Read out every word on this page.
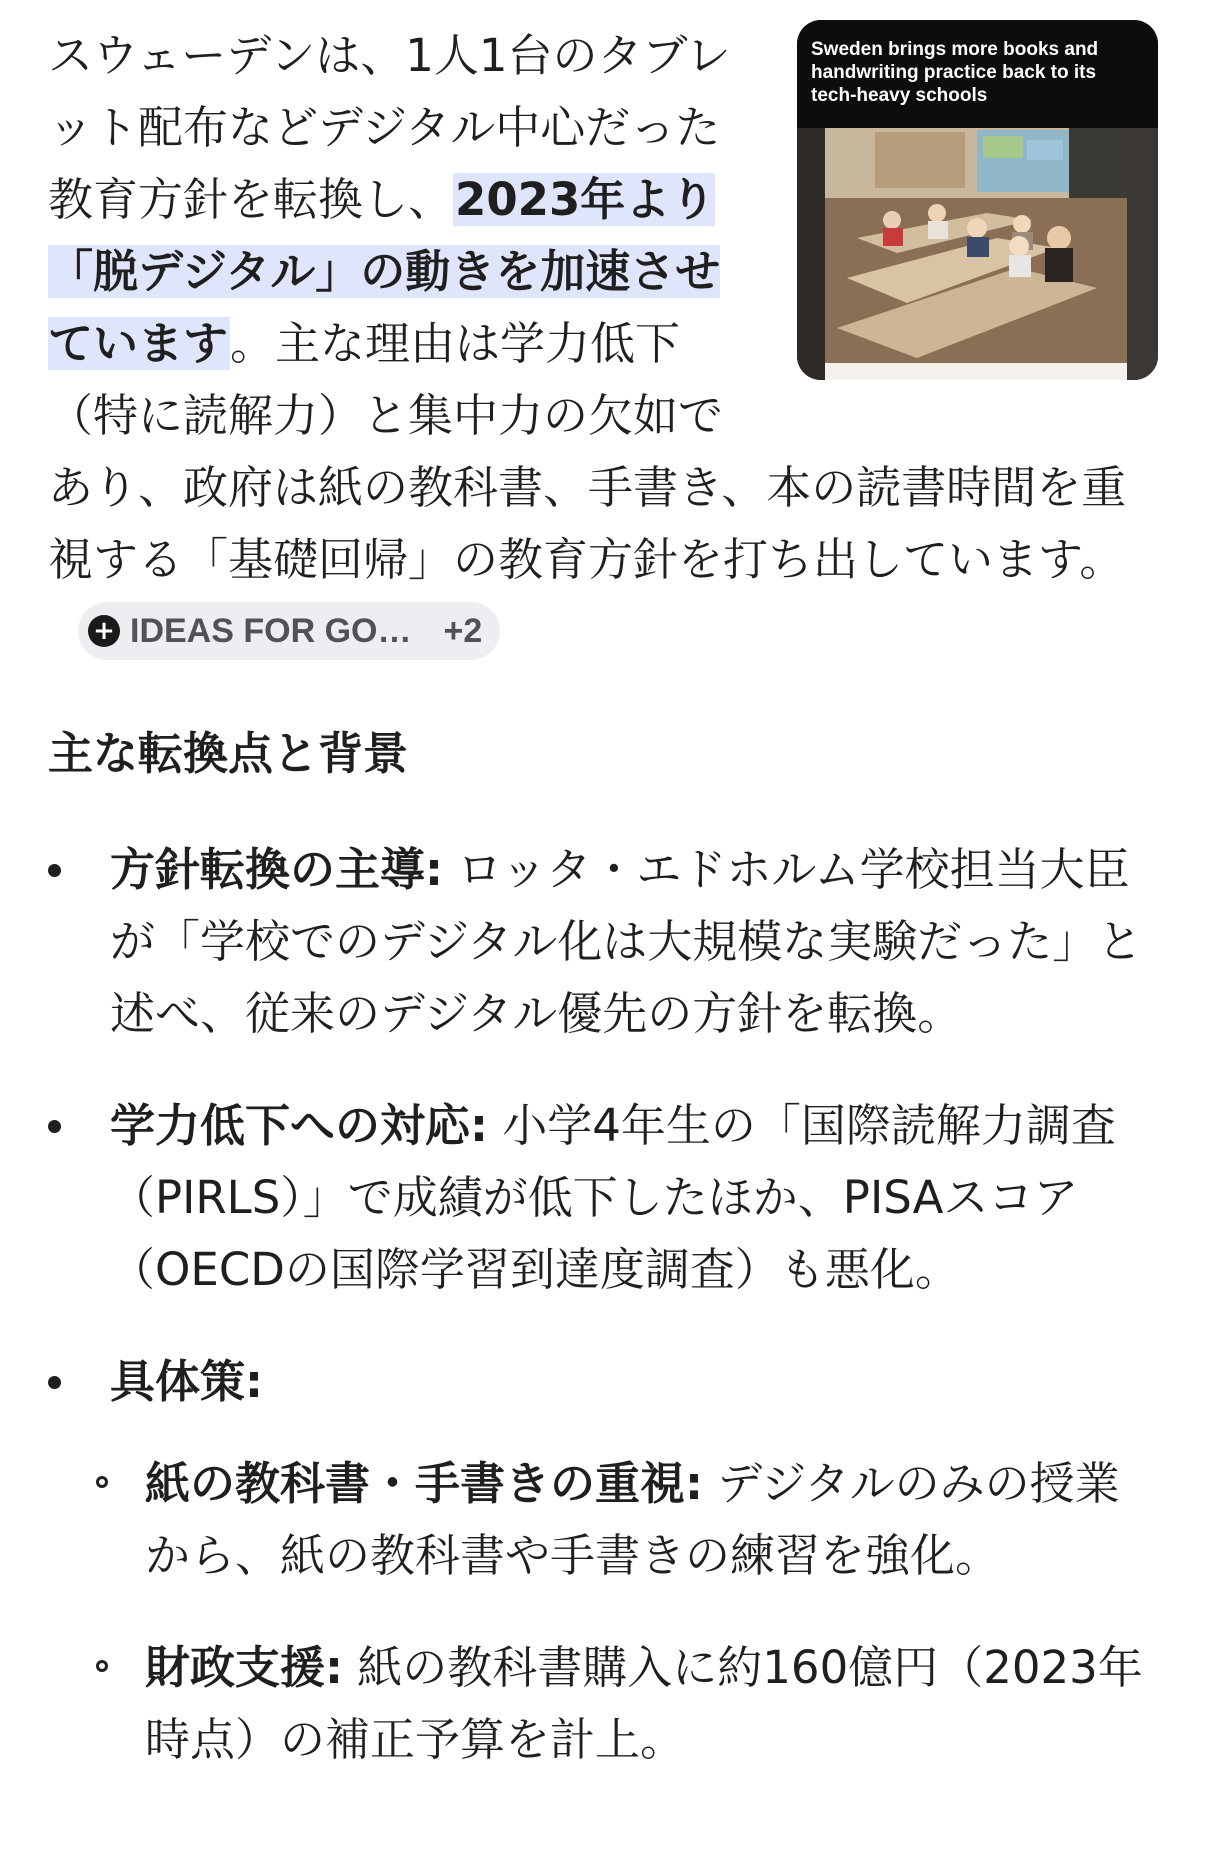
Sweden brings more books and handwriting practice back to its tech-heavy schools
スウェーデンは、1人1台のタブレット配布などデジタル中心だった教育方針を転換し、2023年より「脱デジタル」の動きを加速させています。主な理由は学力低下（特に読解力）と集中力の欠如であり、政府は紙の教科書、手書き、本の読書時間を重視する「基礎回帰」の教育方針を打ち出しています。
+ IDEAS FOR GO… +2

主な転換点と背景
方針転換の主導: ロッタ・エドホルム学校担当大臣が「学校でのデジタル化は大規模な実験だった」と述べ、従来のデジタル優先の方針を転換。
学力低下への対応: 小学4年生の「国際読解力調査（PIRLS）」で成績が低下したほか、PISAスコア（OECDの国際学習到達度調査）も悪化。
具体策:
紙の教科書・手書きの重視: デジタルのみの授業から、紙の教科書や手書きの練習を強化。
財政支援: 紙の教科書購入に約160億円（2023年時点）の補正予算を計上。
